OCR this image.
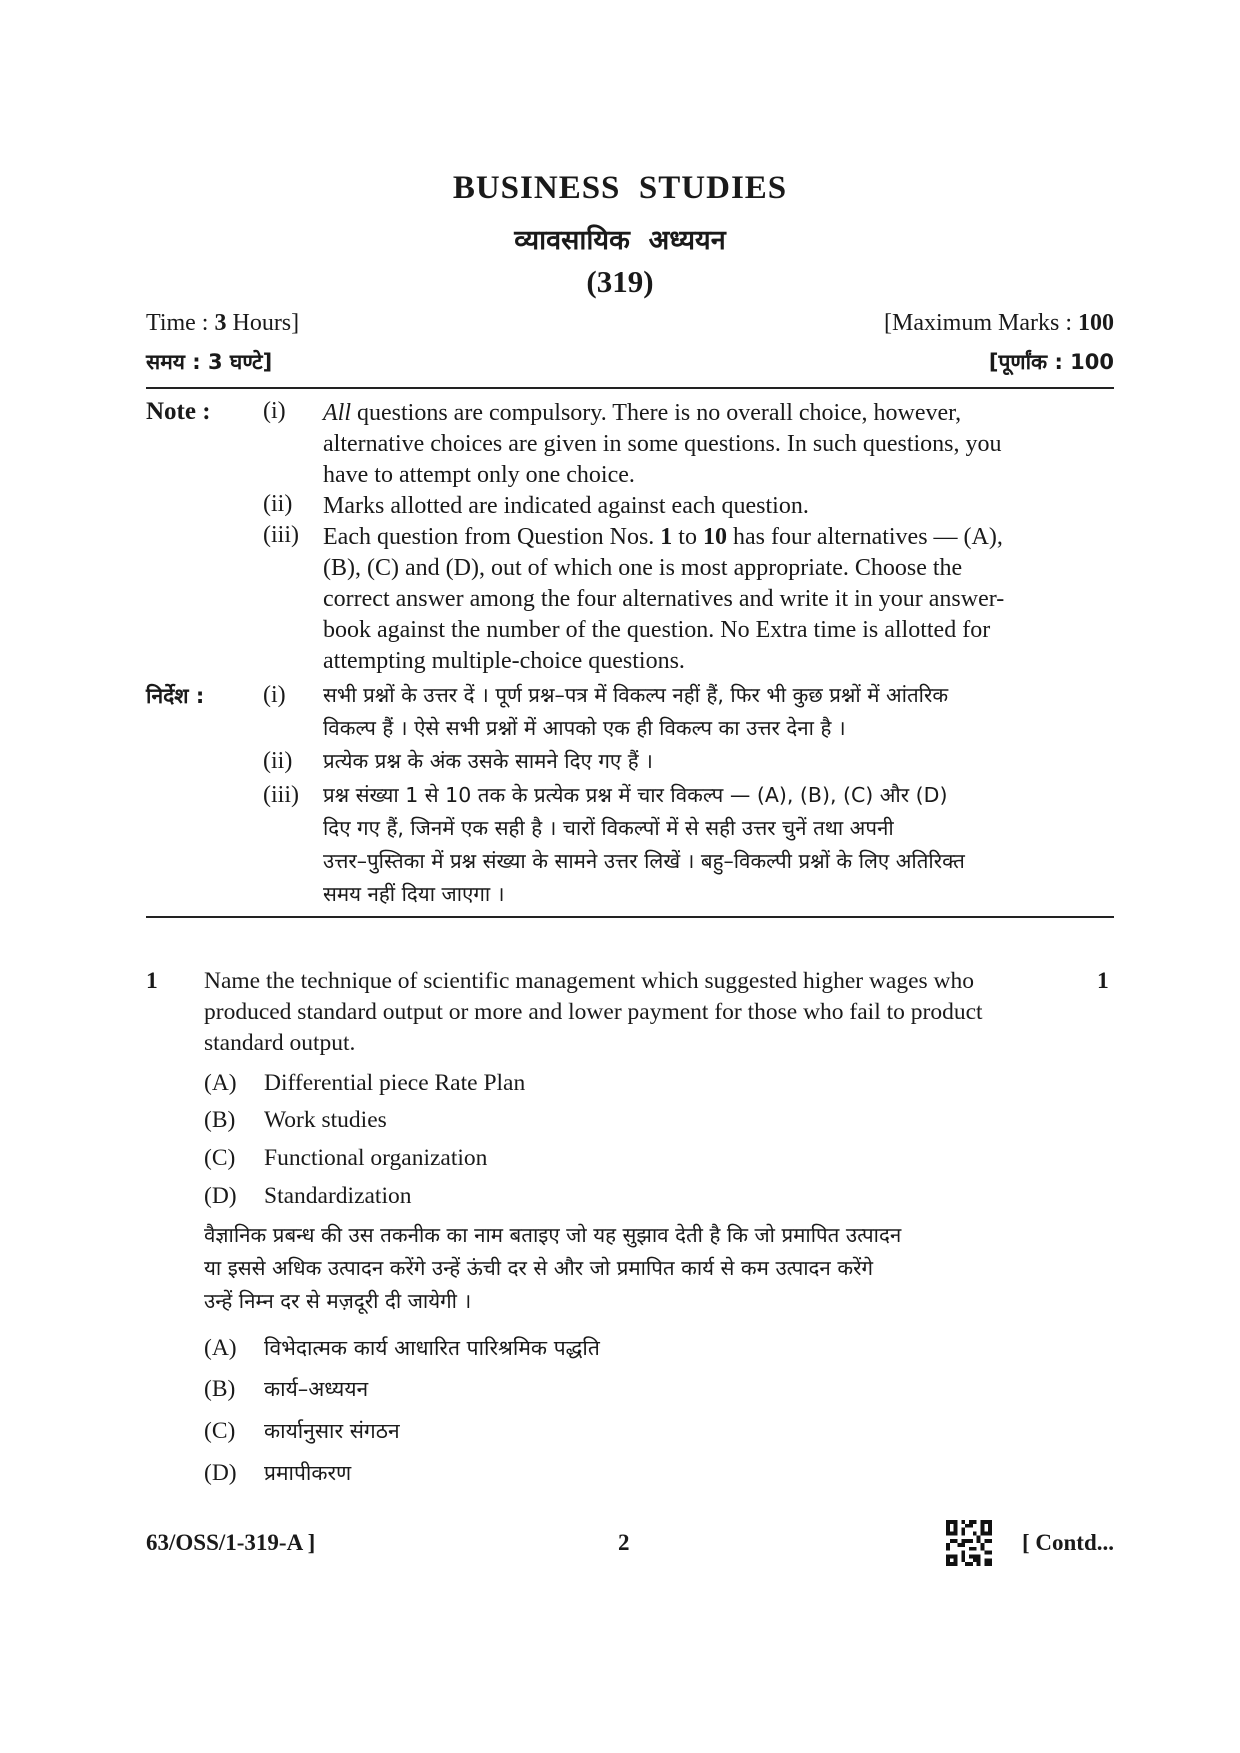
BUSINESS  STUDIES
व्यावसायिक  अध्ययन
(319)
Time : 3 Hours]	[Maximum Marks : 100
समय : 3 घण्टे]	[पूर्णांक : 100
Note : (i) All questions are compulsory. There is no overall choice, however,
alternative choices are given in some questions. In such questions, you
have to attempt only one choice.
(ii) Marks allotted are indicated against each question.
(iii) Each question from Question Nos. 1 to 10 has four alternatives — (A),
(B), (C) and (D), out of which one is most appropriate. Choose the
correct answer among the four alternatives and write it in your answer-
book against the number of the question. No Extra time is allotted for
attempting multiple-choice questions.
निर्देश : (i) सभी प्रश्नों के उत्तर दें । पूर्ण प्रश्न–पत्र में विकल्प नहीं हैं, फिर भी कुछ प्रश्नों में आंतरिक
विकल्प हैं । ऐसे सभी प्रश्नों में आपको एक ही विकल्प का उत्तर देना है ।
(ii) प्रत्येक प्रश्न के अंक उसके सामने दिए गए हैं ।
(iii) प्रश्न संख्या 1 से 10 तक के प्रत्येक प्रश्न में चार विकल्प — (A), (B), (C) और (D)
दिए गए हैं, जिनमें एक सही है । चारों विकल्पों में से सही उत्तर चुनें तथा अपनी
उत्तर–पुस्तिका में प्रश्न संख्या के सामने उत्तर लिखें । बहु–विकल्पी प्रश्नों के लिए अतिरिक्त
समय नहीं दिया जाएगा ।
1	1
Name the technique of scientific management which suggested higher wages who
produced standard output or more and lower payment for those who fail to product
standard output.
(A) Differential piece Rate Plan
(B) Work studies
(C) Functional organization
(D) Standardization
वैज्ञानिक प्रबन्ध की उस तकनीक का नाम बताइए जो यह सुझाव देती है कि जो प्रमापित उत्पादन
या इससे अधिक उत्पादन करेंगे उन्हें ऊंची दर से और जो प्रमापित कार्य से कम उत्पादन करेंगे
उन्हें निम्न दर से मज़दूरी दी जायेगी ।
(A) विभेदात्मक कार्य आधारित पारिश्रमिक पद्धति
(B) कार्य–अध्ययन
(C) कार्यानुसार संगठन
(D) प्रमापीकरण
63/OSS/1-319-A ]	2	[ Contd...
